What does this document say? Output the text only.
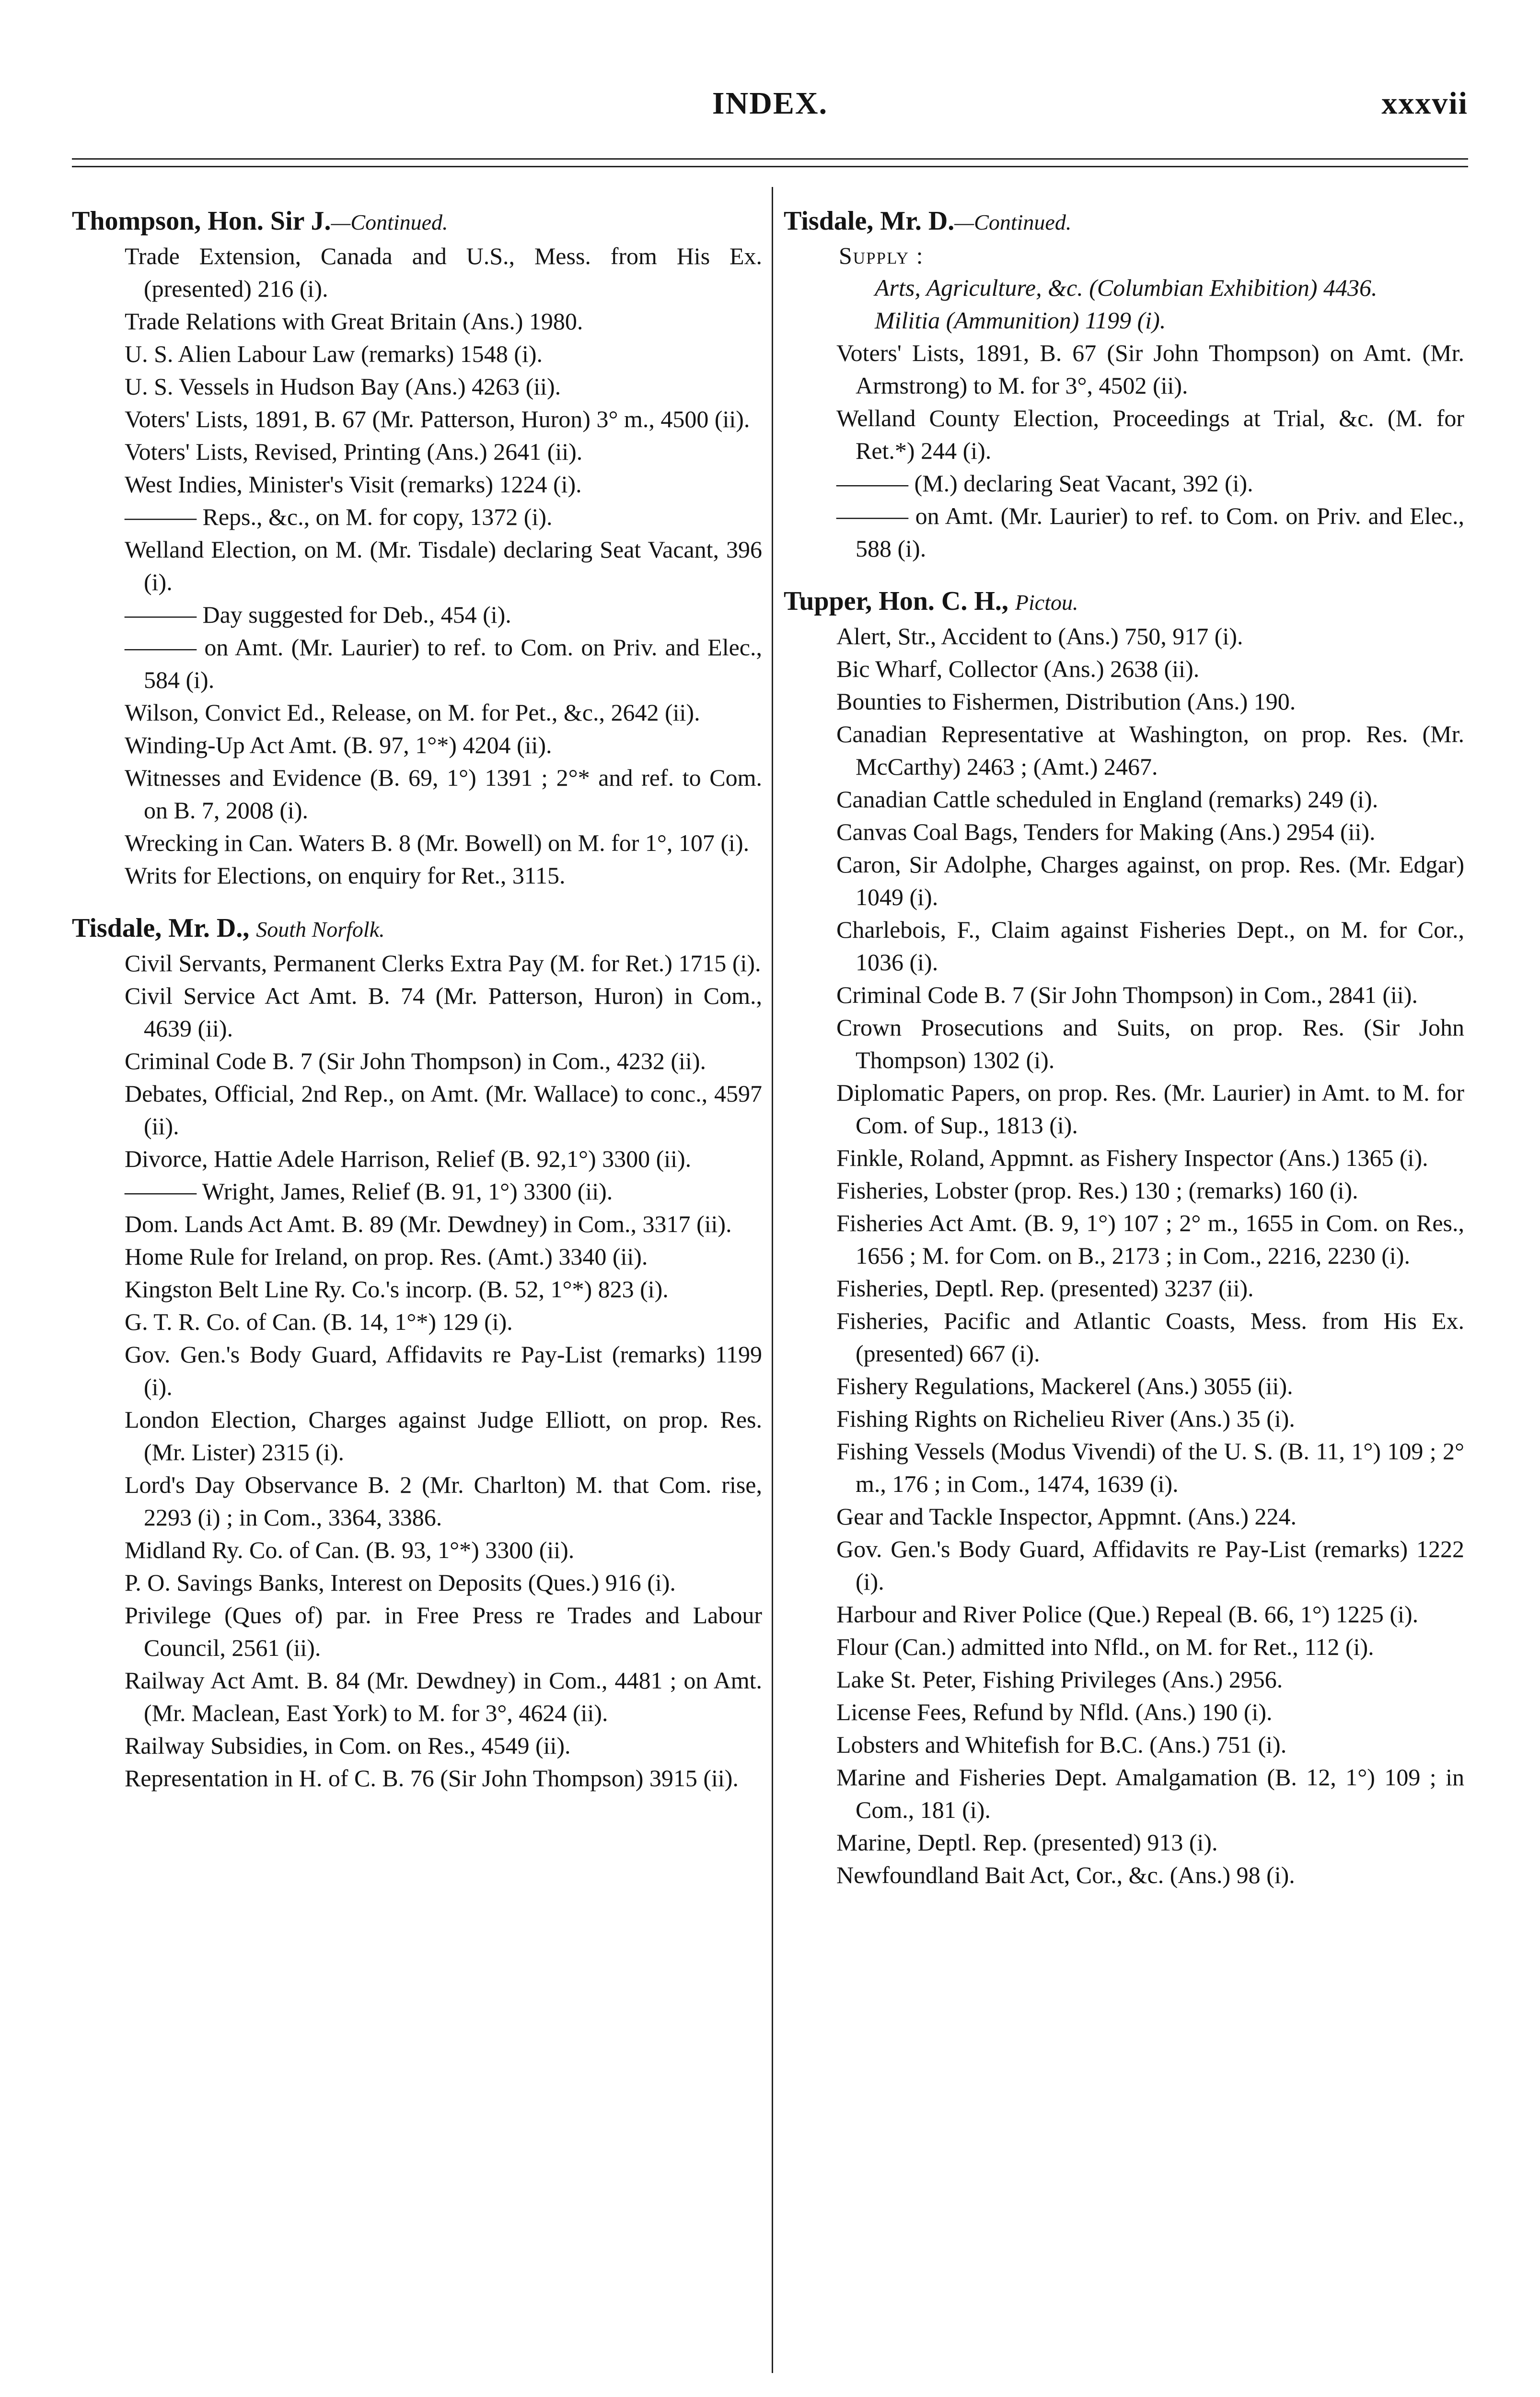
INDEX.	xxxvii
Thompson, Hon. Sir J.—Continued.
Trade Extension, Canada and U.S., Mess. from His Ex. (presented) 216 (i).
Trade Relations with Great Britain (Ans.) 1980.
U. S. Alien Labour Law (remarks) 1548 (i).
U. S. Vessels in Hudson Bay (Ans.) 4263 (ii).
Voters' Lists, 1891, B. 67 (Mr. Patterson, Huron) 3° m., 4500 (ii).
Voters' Lists, Revised, Printing (Ans.) 2641 (ii).
West Indies, Minister's Visit (remarks) 1224 (i).
——— Reps., &c., on M. for copy, 1372 (i).
Welland Election, on M. (Mr. Tisdale) declaring Seat Vacant, 396 (i).
——— Day suggested for Deb., 454 (i).
——— on Amt. (Mr. Laurier) to ref. to Com. on Priv. and Elec., 584 (i).
Wilson, Convict Ed., Release, on M. for Pet., &c., 2642 (ii).
Winding-Up Act Amt. (B. 97, 1°*) 4204 (ii).
Witnesses and Evidence (B. 69, 1°) 1391 ; 2°* and ref. to Com. on B. 7, 2008 (i).
Wrecking in Can. Waters B. 8 (Mr. Bowell) on M. for 1°, 107 (i).
Writs for Elections, on enquiry for Ret., 3115.
Tisdale, Mr. D., South Norfolk.
Civil Servants, Permanent Clerks Extra Pay (M. for Ret.) 1715 (i).
Civil Service Act Amt. B. 74 (Mr. Patterson, Huron) in Com., 4639 (ii).
Criminal Code B. 7 (Sir John Thompson) in Com., 4232 (ii).
Debates, Official, 2nd Rep., on Amt. (Mr. Wallace) to conc., 4597 (ii).
Divorce, Hattie Adele Harrison, Relief (B. 92,1°) 3300 (ii).
——— Wright, James, Relief (B. 91, 1°) 3300 (ii).
Dom. Lands Act Amt. B. 89 (Mr. Dewdney) in Com., 3317 (ii).
Home Rule for Ireland, on prop. Res. (Amt.) 3340 (ii).
Kingston Belt Line Ry. Co.'s incorp. (B. 52, 1°*) 823 (i).
G. T. R. Co. of Can. (B. 14, 1°*) 129 (i).
Gov. Gen.'s Body Guard, Affidavits re Pay-List (remarks) 1199 (i).
London Election, Charges against Judge Elliott, on prop. Res. (Mr. Lister) 2315 (i).
Lord's Day Observance B. 2 (Mr. Charlton) M. that Com. rise, 2293 (i) ; in Com., 3364, 3386.
Midland Ry. Co. of Can. (B. 93, 1°*) 3300 (ii).
P. O. Savings Banks, Interest on Deposits (Ques.) 916 (i).
Privilege (Ques of) par. in Free Press re Trades and Labour Council, 2561 (ii).
Railway Act Amt. B. 84 (Mr. Dewdney) in Com., 4481 ; on Amt. (Mr. Maclean, East York) to M. for 3°, 4624 (ii).
Railway Subsidies, in Com. on Res., 4549 (ii).
Representation in H. of C. B. 76 (Sir John Thompson) 3915 (ii).
Tisdale, Mr. D.—Continued.
Supply :
Arts, Agriculture, &c. (Columbian Exhibition) 4436.
Militia (Ammunition) 1199 (i).
Voters' Lists, 1891, B. 67 (Sir John Thompson) on Amt. (Mr. Armstrong) to M. for 3°, 4502 (ii).
Welland County Election, Proceedings at Trial, &c. (M. for Ret.*) 244 (i).
——— (M.) declaring Seat Vacant, 392 (i).
——— on Amt. (Mr. Laurier) to ref. to Com. on Priv. and Elec., 588 (i).
Tupper, Hon. C. H., Pictou.
Alert, Str., Accident to (Ans.) 750, 917 (i).
Bic Wharf, Collector (Ans.) 2638 (ii).
Bounties to Fishermen, Distribution (Ans.) 190.
Canadian Representative at Washington, on prop. Res. (Mr. McCarthy) 2463 ; (Amt.) 2467.
Canadian Cattle scheduled in England (remarks) 249 (i).
Canvas Coal Bags, Tenders for Making (Ans.) 2954 (ii).
Caron, Sir Adolphe, Charges against, on prop. Res. (Mr. Edgar) 1049 (i).
Charlebois, F., Claim against Fisheries Dept., on M. for Cor., 1036 (i).
Criminal Code B. 7 (Sir John Thompson) in Com., 2841 (ii).
Crown Prosecutions and Suits, on prop. Res. (Sir John Thompson) 1302 (i).
Diplomatic Papers, on prop. Res. (Mr. Laurier) in Amt. to M. for Com. of Sup., 1813 (i).
Finkle, Roland, Appmnt. as Fishery Inspector (Ans.) 1365 (i).
Fisheries, Lobster (prop. Res.) 130 ; (remarks) 160 (i).
Fisheries Act Amt. (B. 9, 1°) 107 ; 2° m., 1655 in Com. on Res., 1656 ; M. for Com. on B., 2173 ; in Com., 2216, 2230 (i).
Fisheries, Deptl. Rep. (presented) 3237 (ii).
Fisheries, Pacific and Atlantic Coasts, Mess. from His Ex. (presented) 667 (i).
Fishery Regulations, Mackerel (Ans.) 3055 (ii).
Fishing Rights on Richelieu River (Ans.) 35 (i).
Fishing Vessels (Modus Vivendi) of the U. S. (B. 11, 1°) 109 ; 2° m., 176 ; in Com., 1474, 1639 (i).
Gear and Tackle Inspector, Appmnt. (Ans.) 224.
Gov. Gen.'s Body Guard, Affidavits re Pay-List (remarks) 1222 (i).
Harbour and River Police (Que.) Repeal (B. 66, 1°) 1225 (i).
Flour (Can.) admitted into Nfld., on M. for Ret., 112 (i).
Lake St. Peter, Fishing Privileges (Ans.) 2956.
License Fees, Refund by Nfld. (Ans.) 190 (i).
Lobsters and Whitefish for B.C. (Ans.) 751 (i).
Marine and Fisheries Dept. Amalgamation (B. 12, 1°) 109 ; in Com., 181 (i).
Marine, Deptl. Rep. (presented) 913 (i).
Newfoundland Bait Act, Cor., &c. (Ans.) 98 (i).
